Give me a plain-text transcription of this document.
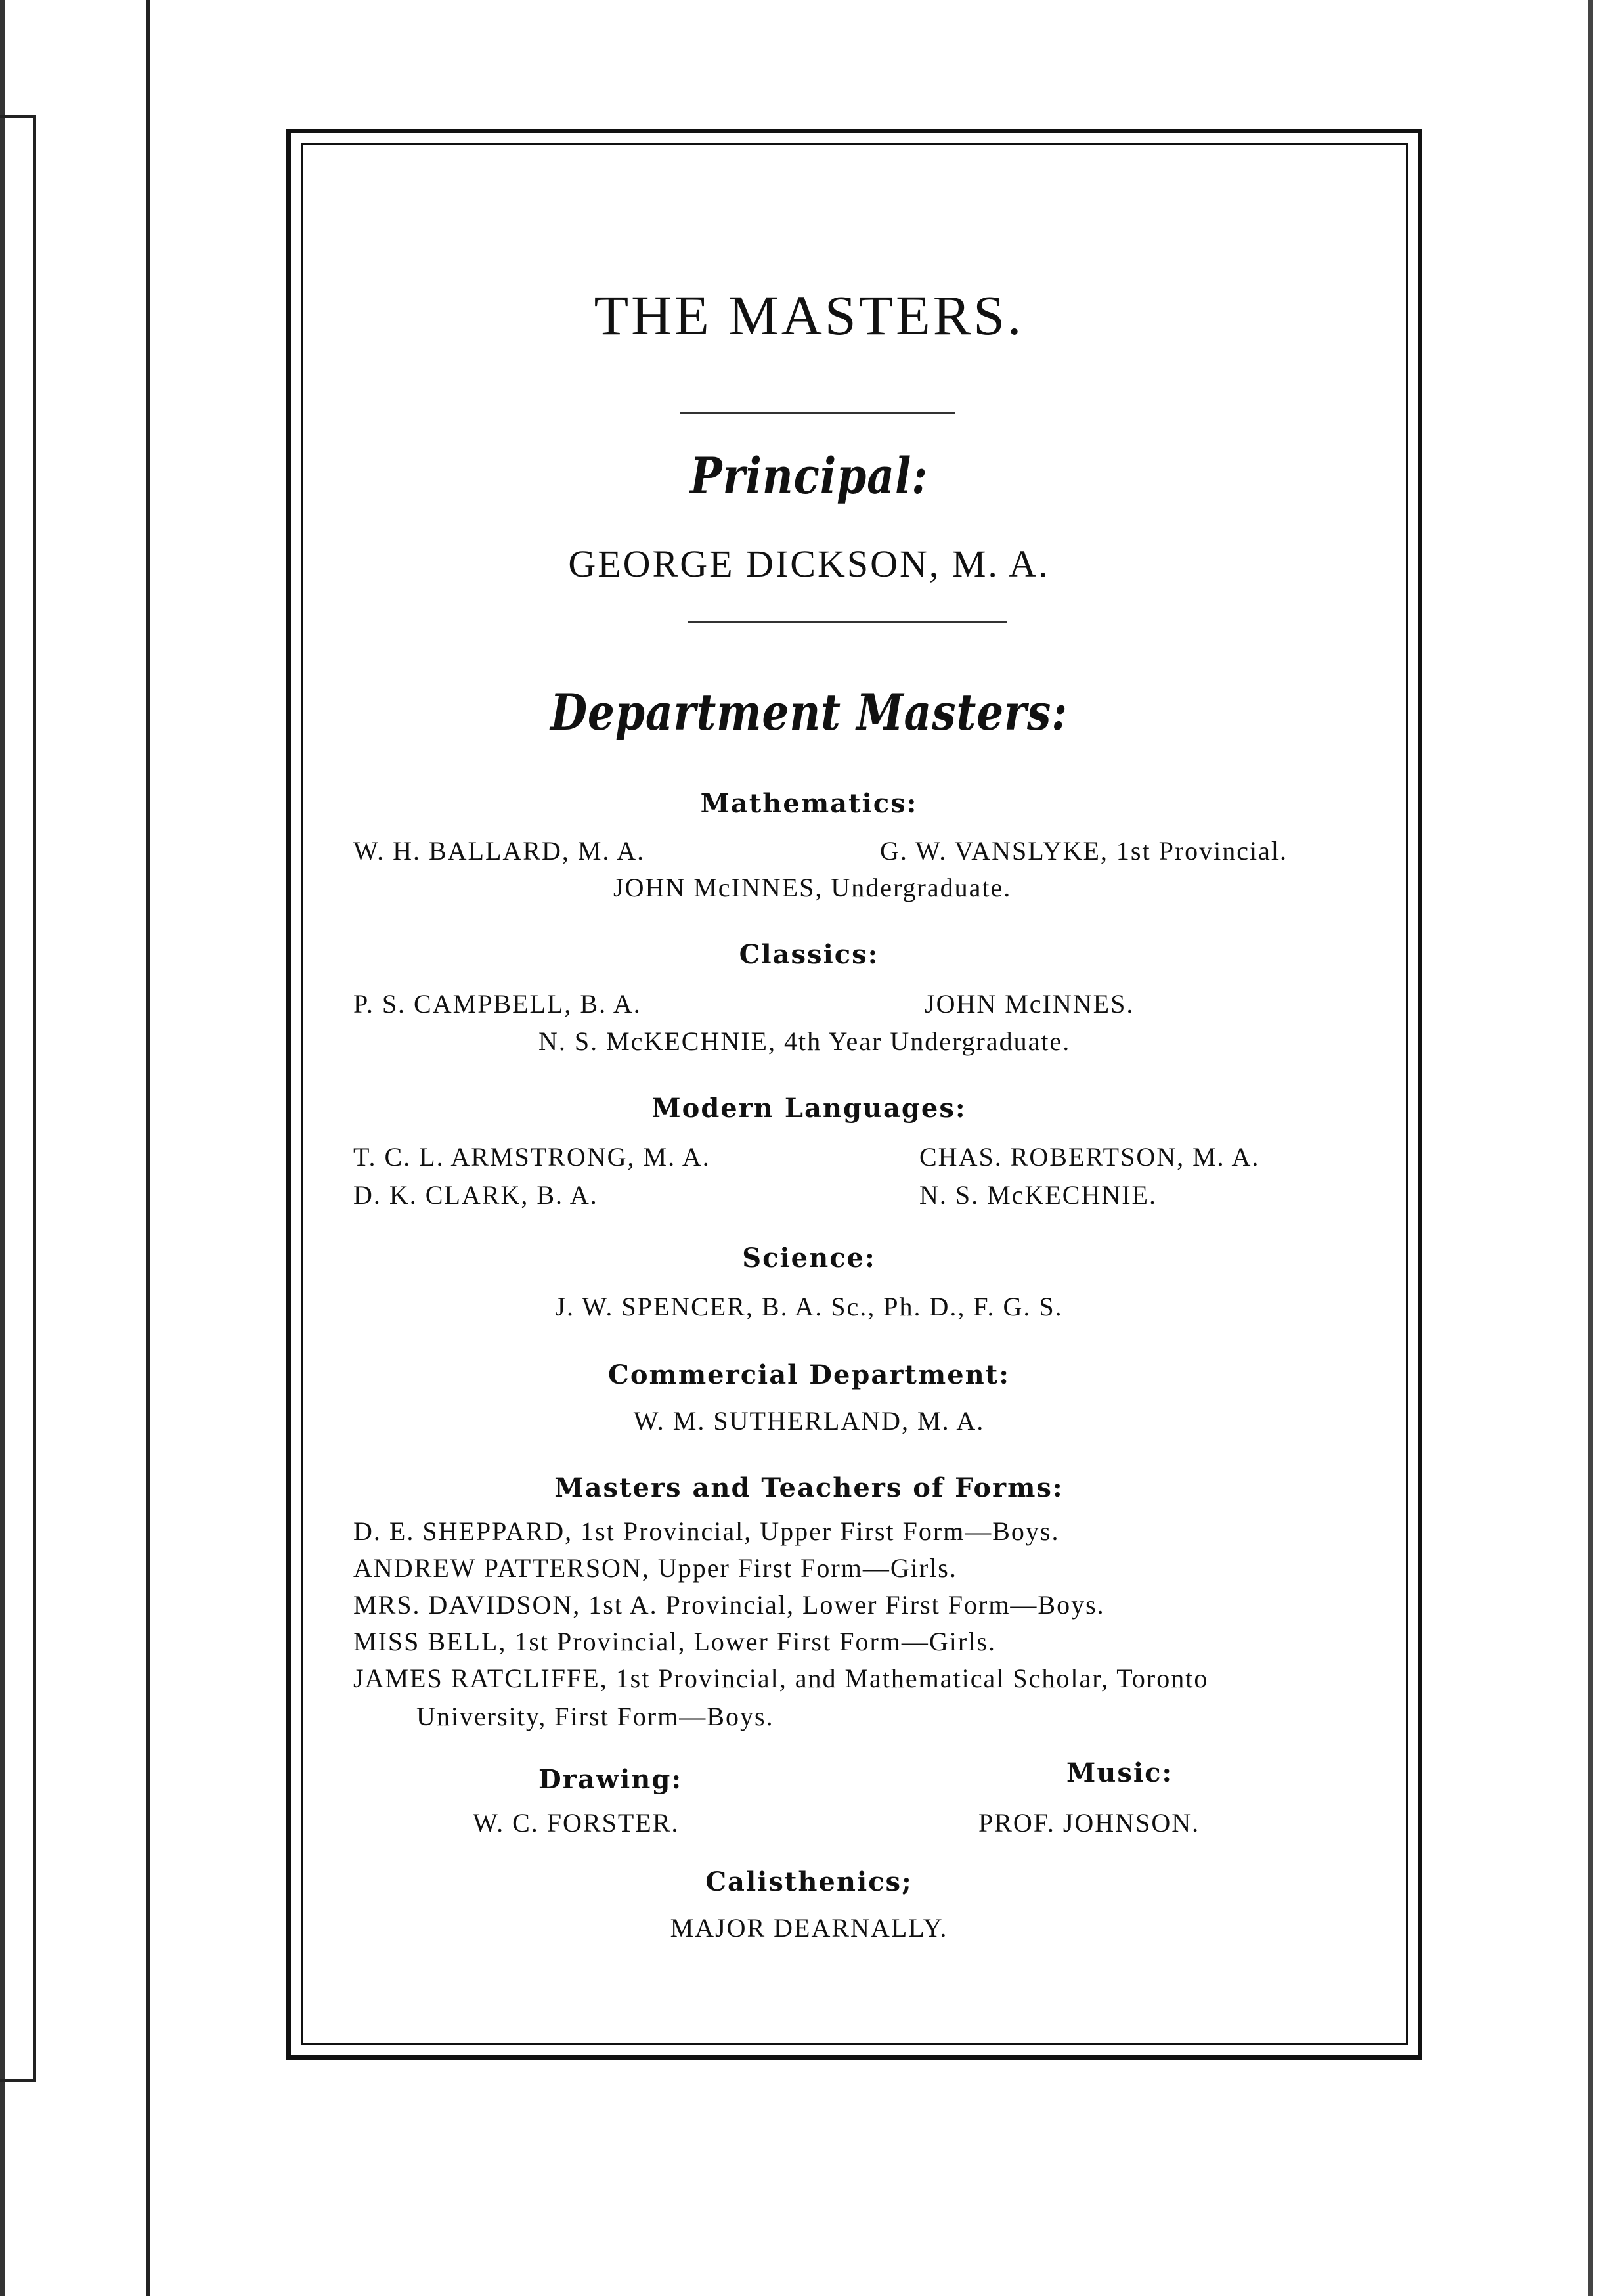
THE MASTERS.
Principal:
GEORGE DICKSON, M. A.
Department Masters:
Mathematics:
W. H. BALLARD, M. A.	G. W. VANSLYKE, 1st Provincial.
JOHN McINNES, Undergraduate.
Classics:
P. S. CAMPBELL, B. A.	JOHN McINNES.
N. S. McKECHNIE, 4th Year Undergraduate.
Modern Languages:
T. C. L. ARMSTRONG, M. A.	CHAS. ROBERTSON, M. A.
D. K. CLARK, B. A.	N. S. McKECHNIE.
Science:
J. W. SPENCER, B. A. Sc., Ph. D., F. G. S.
Commercial Department:
W. M. SUTHERLAND, M. A.
Masters and Teachers of Forms:
D. E. SHEPPARD, 1st Provincial, Upper First Form—Boys.
ANDREW PATTERSON, Upper First Form—Girls.
MRS. DAVIDSON, 1st A. Provincial, Lower First Form—Boys.
MISS BELL, 1st Provincial, Lower First Form—Girls.
JAMES RATCLIFFE, 1st Provincial, and Mathematical Scholar, Toronto
University, First Form—Boys.
Drawing:	Music:
W. C. FORSTER.	PROF. JOHNSON.
Calisthenics;
MAJOR DEARNALLY.
